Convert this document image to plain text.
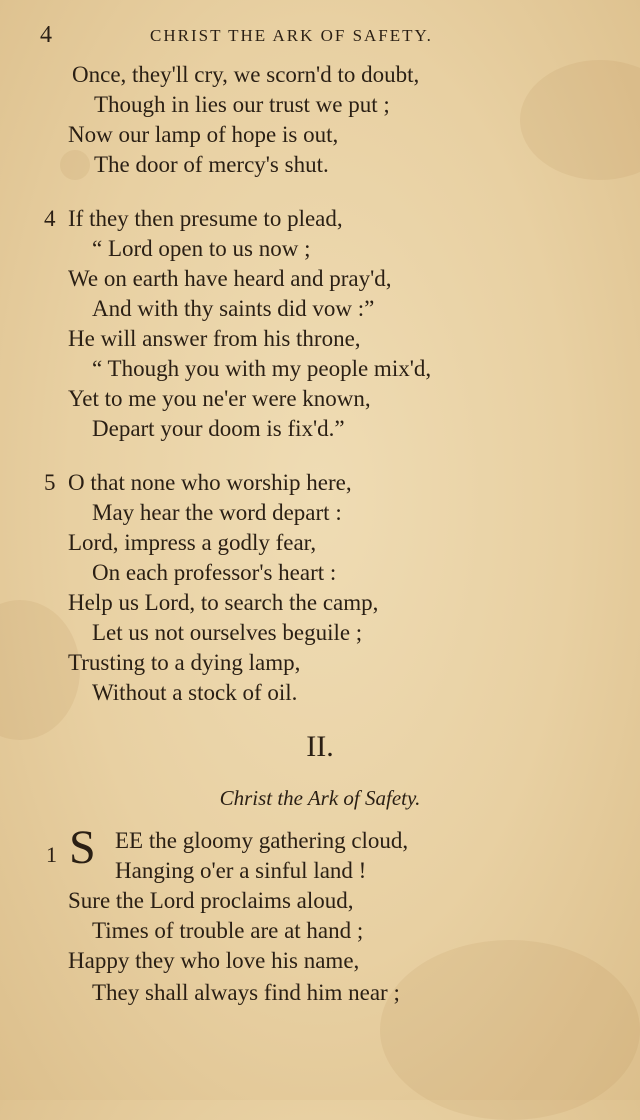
4	CHRIST THE ARK OF SAFETY.
Once, they'll cry, we scorn'd to doubt,
Though in lies our trust we put ;
Now our lamp of hope is out,
The door of mercy's shut.
4 If they then presume to plead,
“ Lord open to us now ;
We on earth have heard and pray'd,
And with thy saints did vow :”
He will answer from his throne,
“ Though you with my people mix'd,
Yet to me you ne'er were known,
Depart your doom is fix'd.”
5 O that none who worship here,
May hear the word depart :
Lord, impress a godly fear,
On each professor's heart :
Help us Lord, to search the camp,
Let us not ourselves beguile ;
Trusting to a dying lamp,
Without a stock of oil.
II.
Christ the Ark of Safety.
1 S EE the gloomy gathering cloud,
Hanging o'er a sinful land !
Sure the Lord proclaims aloud,
Times of trouble are at hand ;
Happy they who love his name,
They shall always find him near ;
